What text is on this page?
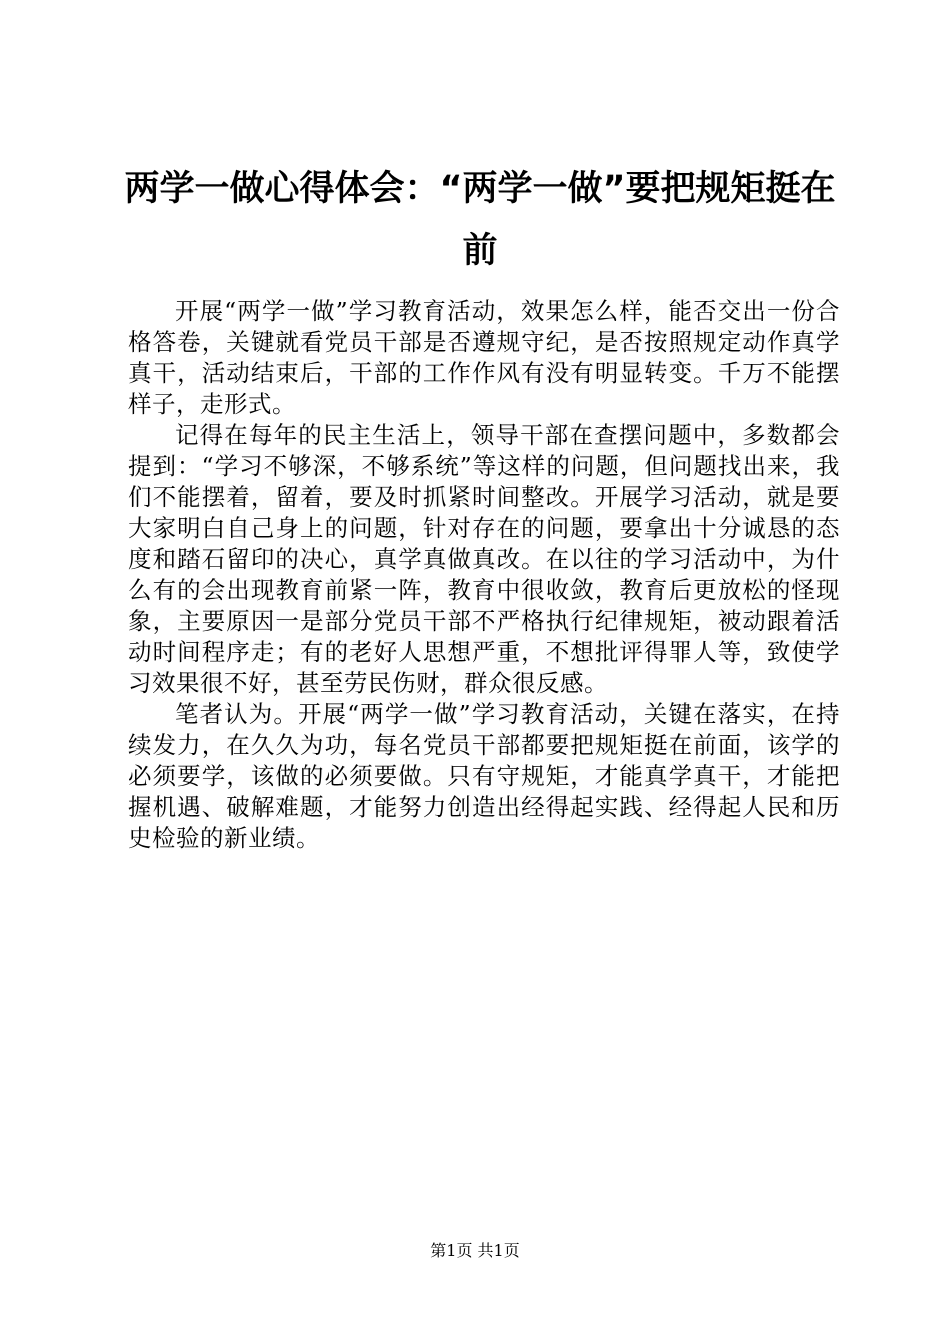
两学一做心得体会：“两学一做”要把规矩挺在前

开展“两学一做”学习教育活动，效果怎么样，能否交出一份合格答卷，关键就看党员干部是否遵规守纪，是否按照规定动作真学真干，活动结束后，干部的工作作风有没有明显转变。千万不能摆样子，走形式。

记得在每年的民主生活上，领导干部在查摆问题中，多数都会提到：“学习不够深，不够系统”等这样的问题，但问题找出来，我们不能摆着，留着，要及时抓紧时间整改。开展学习活动，就是要大家明白自己身上的问题，针对存在的问题，要拿出十分诚恳的态度和踏石留印的决心，真学真做真改。在以往的学习活动中，为什么有的会出现教育前紧一阵，教育中很收敛，教育后更放松的怪现象，主要原因一是部分党员干部不严格执行纪律规矩，被动跟着活动时间程序走；有的老好人思想严重，不想批评得罪人等，致使学习效果很不好，甚至劳民伤财，群众很反感。

笔者认为。开展“两学一做”学习教育活动，关键在落实，在持续发力，在久久为功，每名党员干部都要把规矩挺在前面，该学的必须要学，该做的必须要做。只有守规矩，才能真学真干，才能把握机遇、破解难题，才能努力创造出经得起实践、经得起人民和历史检验的新业绩。

第1页 共1页
